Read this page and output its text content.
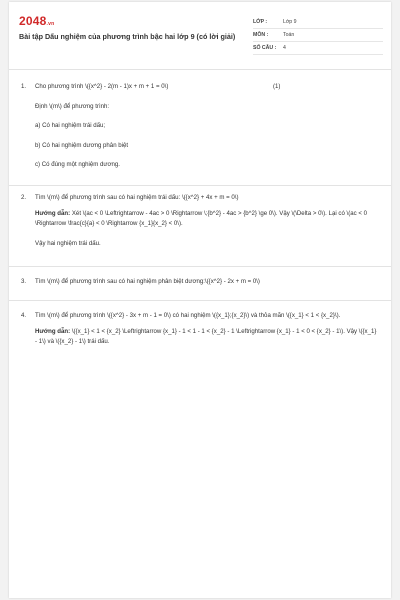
2048.vn
Bài tập Dấu nghiệm của phương trình bậc hai lớp 9 (có lời giải)
LỚP :	Lớp 9
MÔN :	Toán
SỐ CÂU :	4
1.	Cho phương trình \({x^2} - 2(m - 1)x + m + 1 = 0\)	(1)
Định \(m\) để phương trình:
a) Có hai nghiệm trái dấu;
b) Có hai nghiệm dương phân biệt
c) Có đúng một nghiệm dương.
2.	Tìm \(m\) để phương trình sau có hai nghiệm trái dấu: \({x^2} + 4x + m = 0\)
Hướng dẫn: Xét \(ac < 0 \Leftrightarrow - 4ac > 0 \Rightarrow \;{b^2} - 4ac > {b^2} \ge 0\). Vậy \(\Delta > 0\). Lại có \(ac < 0 \Rightarrow \frac{c}{a} < 0 \Rightarrow {x_1}{x_2} < 0\).
Vậy hai nghiệm trái dấu.
3.	Tìm \(m\) để phương trình sau có hai nghiệm phân biệt dương:\({x^2} - 2x + m = 0\)
4.	Tìm \(m\) để phương trình \({x^2} - 3x + m - 1 = 0\) có hai nghiệm \({x_1};{x_2}\) và thỏa mãn \({x_1} < 1 < {x_2}\).
Hướng dẫn: \({x_1} < 1 < {x_2} \Leftrightarrow {x_1} - 1 < 1 - 1 < {x_2} - 1 \Leftrightarrow {x_1} - 1 < 0 < {x_2} - 1\). Vậy \({x_1} - 1\) và \({x_2} - 1\) trái dấu.
